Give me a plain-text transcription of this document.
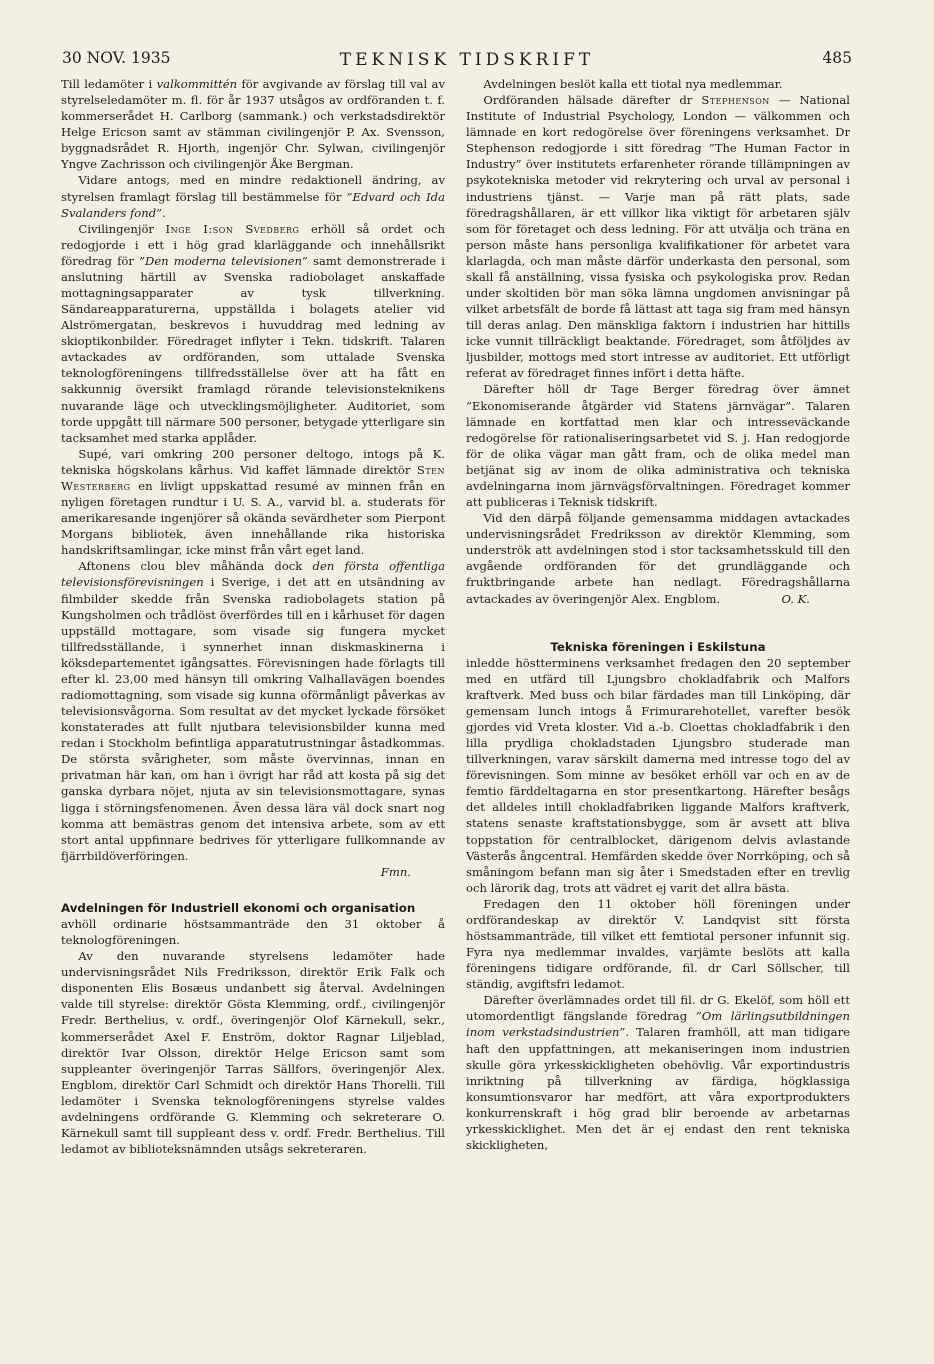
30 NOV. 1935	TEKNISK TIDSKRIFT	485

Till ledamöter i valkommittén för avgivande av förslag till val av styrelseledamöter m. fl. för år 1937 utsågos av ordföranden t. f. kommerserådet H. Carlborg (sammank.) och verkstadsdirektör Helge Ericson samt av stämman civilingenjör P. Ax. Svensson, byggnadsrådet R. Hjorth, ingenjör Chr. Sylwan, civilingenjör Yngve Zachrisson och civilingenjör Åke Bergman.

Vidare antogs, med en mindre redaktionell ändring, av styrelsen framlagt förslag till bestämmelse för ”Edvard och Ida Svalanders fond”.

Civilingenjör Inge I:son Svedberg erhöll så ordet och redogjorde i ett i hög grad klarläggande och innehållsrikt föredrag för ”Den moderna televisionen” samt demonstrerade i anslutning härtill av Svenska radiobolaget anskaffade mottagningsapparater av tysk tillverkning. Sändareapparaturerna, uppställda i bolagets atelier vid Alströmergatan, beskrevos i huvuddrag med ledning av skioptikonbilder. Föredraget inflyter i Tekn. tidskrift. Talaren avtackades av ordföranden, som uttalade Svenska teknologföreningens tillfredsställelse över att ha fått en sakkunnig översikt framlagd rörande televisionsteknikens nuvarande läge och utvecklingsmöjligheter. Auditoriet, som torde uppgått till närmare 500 personer, betygade ytterligare sin tacksamhet med starka applåder.

Supé, vari omkring 200 personer deltogo, intogs på K. tekniska högskolans kårhus. Vid kaffet lämnade direktör Sten Westerberg en livligt uppskattad resumé av minnen från en nyligen företagen rundtur i U. S. A., varvid bl. a. studerats för amerikaresande ingenjörer så okända sevärdheter som Pierpont Morgans bibliotek, även innehållande rika historiska handskriftsamlingar, icke minst från vårt eget land.

Aftonens clou blev måhända dock den första offentliga televisionsförevisningen i Sverige, i det att en utsändning av filmbilder skedde från Svenska radiobolagets station på Kungsholmen och trådlöst överfördes till en i kårhuset för dagen uppställd mottagare, som visade sig fungera mycket tillfredsställande, i synnerhet innan diskmaskinerna i köksdepartementet igångsattes. Förevisningen hade förlagts till efter kl. 23,00 med hänsyn till omkring Valhallavägen boendes radiomottagning, som visade sig kunna oförmånligt påverkas av televisionsvågorna. Som resultat av det mycket lyckade försöket konstaterades att fullt njutbara televisionsbilder kunna med redan i Stockholm befintliga apparatutrustningar åstadkommas. De största svårigheter, som måste övervinnas, innan en privatman här kan, om han i övrigt har råd att kosta på sig det ganska dyrbara nöjet, njuta av sin televisionsmottagare, synas ligga i störningsfenomenen. Även dessa lära väl dock snart nog komma att bemästras genom det intensiva arbete, som av ett stort antal uppfinnare bedrives för ytterligare fullkomnande av fjärrbildöverföringen.

Fmn.
Avdelningen för Industriell ekonomi och organisation

avhöll ordinarie höstsammanträde den 31 oktober å teknologföreningen.

Av den nuvarande styrelsens ledamöter hade undervisningsrådet Nils Fredriksson, direktör Erik Falk och disponenten Elis Bosæus undanbett sig återval. Avdelningen valde till styrelse: direktör Gösta Klemming, ordf., civilingenjör Fredr. Berthelius, v. ordf., överingenjör Olof Kärnekull, sekr., kommerserådet Axel F. Enström, doktor Ragnar Liljeblad, direktör Ivar Olsson, direktör Helge Ericson samt som suppleanter överingenjör Tarras Sällfors, överingenjör Alex. Engblom, direktör Carl Schmidt och direktör Hans Thorelli. Till ledamöter i Svenska teknologföreningens styrelse valdes avdelningens ordförande G. Klemming och sekreterare O. Kärnekull samt till suppleant dess v. ordf. Fredr. Berthelius. Till ledamot av biblioteksnämnden utsågs sekreteraren.

Avdelningen beslöt kalla ett tiotal nya medlemmar.

Ordföranden hälsade därefter dr Stephenson — National Institute of Industrial Psychology, London — välkommen och lämnade en kort redogörelse över föreningens verksamhet. Dr Stephenson redogjorde i sitt föredrag ”The Human Factor in Industry” över institutets erfarenheter rörande tillämpningen av psykotekniska metoder vid rekrytering och urval av personal i industriens tjänst. — Varje man på rätt plats, sade föredragshållaren, är ett villkor lika viktigt för arbetaren själv som för företaget och dess ledning. För att utvälja och träna en person måste hans personliga kvalifikationer för arbetet vara klarlagda, och man måste därför underkasta den personal, som skall få anställning, vissa fysiska och psykologiska prov. Redan under skoltiden bör man söka lämna ungdomen anvisningar på vilket arbetsfält de borde få lättast att taga sig fram med hänsyn till deras anlag. Den mänskliga faktorn i industrien har hittills icke vunnit tillräckligt beaktande. Föredraget, som åtföljdes av ljusbilder, mottogs med stort intresse av auditoriet. Ett utförligt referat av föredraget finnes infört i detta häfte.

Därefter höll dr Tage Berger föredrag över ämnet ”Ekonomiserande åtgärder vid Statens järnvägar”. Talaren lämnade en kortfattad men klar och intresseväckande redogörelse för rationaliseringsarbetet vid S. j. Han redogjorde för de olika vägar man gått fram, och de olika medel man betjänat sig av inom de olika administrativa och tekniska avdelningarna inom järnvägsförvaltningen. Föredraget kommer att publiceras i Teknisk tidskrift.

Vid den därpå följande gemensamma middagen avtackades undervisningsrådet Fredriksson av direktör Klemming, som underströk att avdelningen stod i stor tacksamhetsskuld till den avgående ordföranden för det grundläggande och fruktbringande arbete han nedlagt. Föredragshållarna avtackades av överingenjör Alex. Engblom.	O. K.

Tekniska föreningen i Eskilstuna

inledde höstterminens verksamhet fredagen den 20 september med en utfärd till Ljungsbro chokladfabrik och Malfors kraftverk. Med buss och bilar färdades man till Linköping, där gemensam lunch intogs å Frimurarehotellet, varefter besök gjordes vid Vreta kloster. Vid a.-b. Cloettas chokladfabrik i den lilla prydliga chokladstaden Ljungsbro studerade man tillverkningen, varav särskilt damerna med intresse togo del av förevisningen. Som minne av besöket erhöll var och en av de femtio färddeltagarna en stor presentkartong. Härefter besågs det alldeles intill chokladfabriken liggande Malfors kraftverk, statens senaste kraftstationsbygge, som är avsett att bliva toppstation för centralblocket, därigenom delvis avlastande Västerås ångcentral. Hemfärden skedde över Norrköping, och så småningom befann man sig åter i Smedstaden efter en trevlig och lärorik dag, trots att vädret ej varit det allra bästa.

Fredagen den 11 oktober höll föreningen under ordförandeskap av direktör V. Landqvist sitt första höstsammanträde, till vilket ett femtiotal personer infunnit sig. Fyra nya medlemmar invaldes, varjämte beslöts att kalla föreningens tidigare ordförande, fil. dr Carl Söllscher, till ständig, avgiftsfri ledamot.

Därefter överlämnades ordet till fil. dr G. Ekelöf, som höll ett utomordentligt fängslande föredrag ”Om lärlingsutbildningen inom verkstadsindustrien”. Talaren framhöll, att man tidigare haft den uppfattningen, att mekaniseringen inom industrien skulle göra yrkesskickligheten obehövlig. Vår exportindustris inriktning på tillverkning av färdiga, högklassiga konsumtionsvaror har medfört, att våra exportprodukters konkurrenskraft i hög grad blir beroende av arbetarnas yrkesskicklighet. Men det är ej endast den rent tekniska skickligheten,
